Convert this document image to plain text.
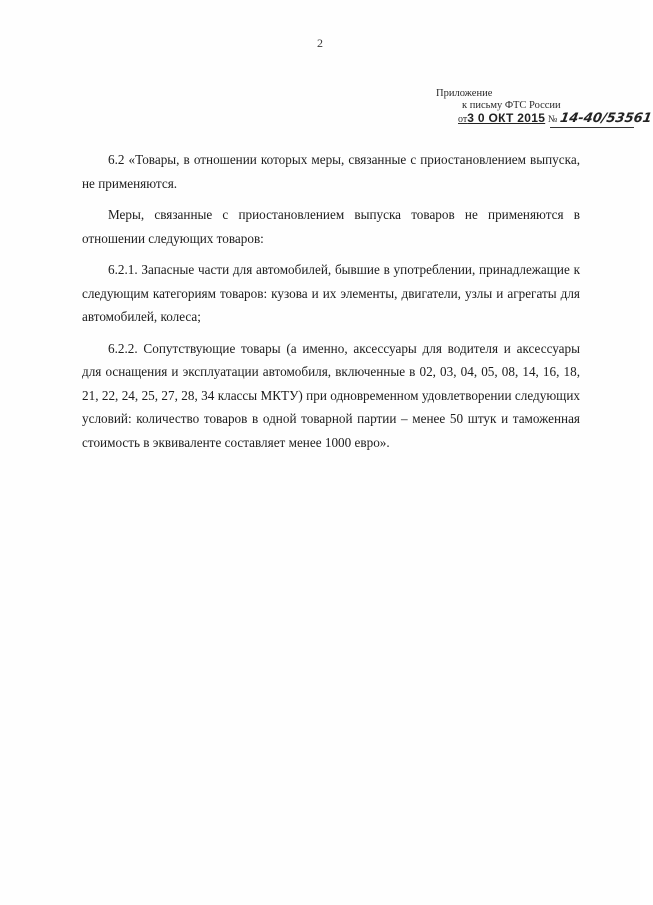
2
Приложение
к письму ФТС России
от3 0 ОКТ 2015 № 14-40/53561

6.2 «Товары, в отношении которых меры, связанные с приостановлением выпуска, не применяются.

Меры, связанные с приостановлением выпуска товаров не применяются в отношении следующих товаров:

6.2.1. Запасные части для автомобилей, бывшие в употреблении, принадлежащие к следующим категориям товаров: кузова и их элементы, двигатели, узлы и агрегаты для автомобилей, колеса;

6.2.2. Сопутствующие товары (а именно, аксессуары для водителя и аксессуары для оснащения и эксплуатации автомобиля, включенные в 02, 03, 04, 05, 08, 14, 16, 18, 21, 22, 24, 25, 27, 28, 34 классы МКТУ) при одновременном удовлетворении следующих условий: количество товаров в одной товарной партии – менее 50 штук и таможенная стоимость в эквиваленте составляет менее 1000 евро».
